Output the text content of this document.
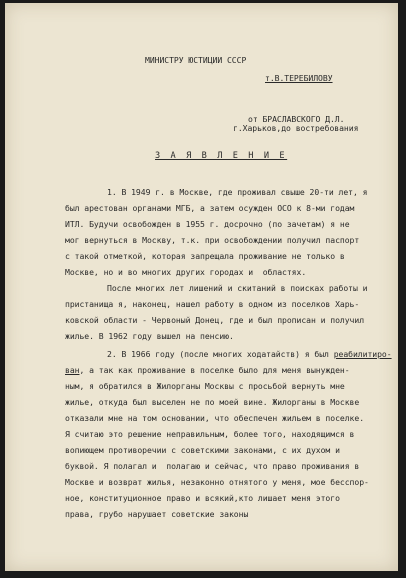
МИНИСТРУ ЮСТИЦИИ СССР
т.В.ТЕРЕБИЛОВУ
от БРАСЛАВСКОГО Д.Л.
г.Харьков,до востребования
З А Я В Л Е Н И Е
1. В 1949 г. в Москве, где проживал свыше 20-ти лет, я
был арестован органами МГБ, а затем осужден ОСО к 8-ми годам
ИТЛ. Будучи освобожден в 1955 г. досрочно (по зачетам) я не
мог вернуться в Москву, т.к. при освобождении получил паспорт
с такой отметкой, которая запрещала проживание не только в
Москве, но и во многих других городах и  областях.
После многих лет лишений и скитаний в поисках работы и
пристанища я, наконец, нашел работу в одном из поселков Харь-
ковской области - Червоный Донец, где и был прописан и получил
жилье. В 1962 году вышел на пенсию.
2. В 1966 году (после многих ходатайств) я был реабилитиро-
ван, а так как проживание в поселке было для меня вынужден-
ным, я обратился в Жилорганы Москвы с просьбой вернуть мне
жилье, откуда был выселен не по моей вине. Жилорганы в Москве
отказали мне на том основании, что обеспечен жильем в поселке.
Я считаю это решение неправильным, более того, находящимся в
вопиющем противоречии с советскими законами, с их духом и
буквой. Я полагал и  полагаю и сейчас, что право проживания в
Москве и возврат жилья, незаконно отнятого у меня, мое бесспор-
ное, конституционное право и всякий,кто лишает меня этого
права, грубо нарушает советские законы
